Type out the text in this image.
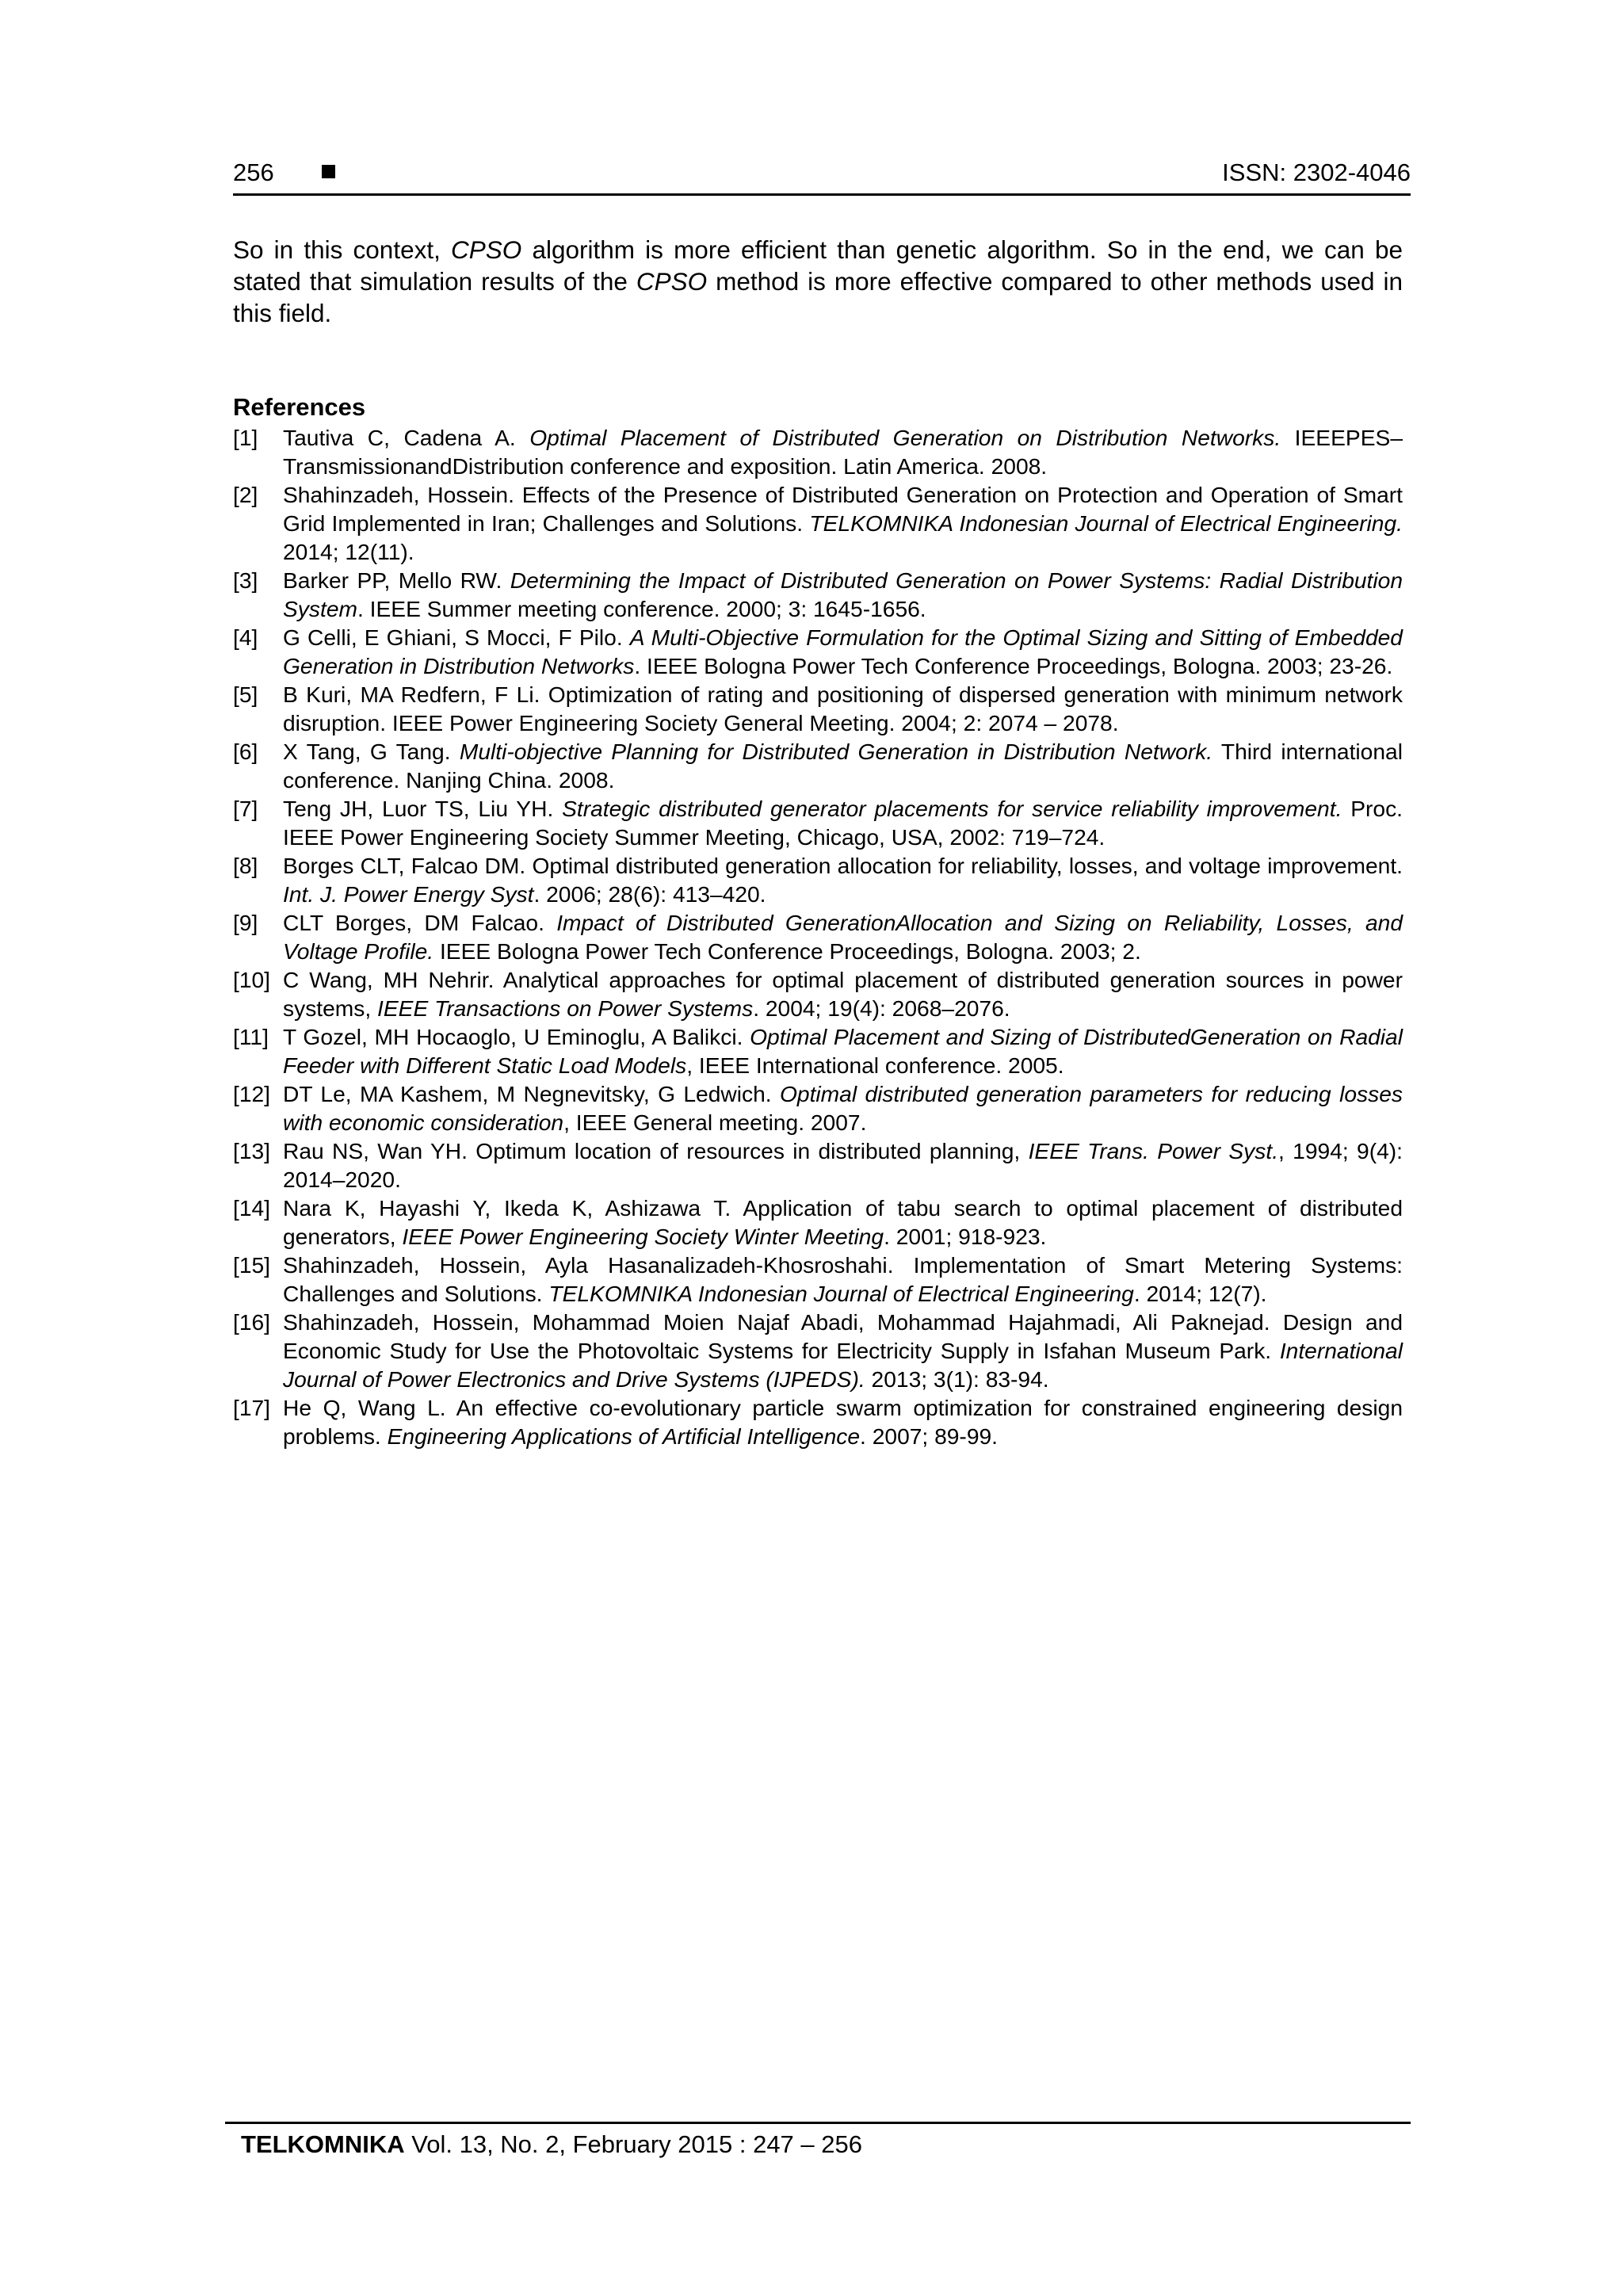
256	ISSN: 2302-4046
So in this context, CPSO algorithm is more efficient than genetic algorithm. So in the end, we can be stated that simulation results of the CPSO method is more effective compared to other methods used in this field.
References
[1] Tautiva C, Cadena A. Optimal Placement of Distributed Generation on Distribution Networks. IEEEPES–TransmissionandDistribution conference and exposition. Latin America. 2008.
[2] Shahinzadeh, Hossein. Effects of the Presence of Distributed Generation on Protection and Operation of Smart Grid Implemented in Iran; Challenges and Solutions. TELKOMNIKA Indonesian Journal of Electrical Engineering. 2014; 12(11).
[3] Barker PP, Mello RW. Determining the Impact of Distributed Generation on Power Systems: Radial Distribution System. IEEE Summer meeting conference. 2000; 3: 1645-1656.
[4] G Celli, E Ghiani, S Mocci, F Pilo. A Multi-Objective Formulation for the Optimal Sizing and Sitting of Embedded Generation in Distribution Networks. IEEE Bologna Power Tech Conference Proceedings, Bologna. 2003; 23-26.
[5] B Kuri, MA Redfern, F Li. Optimization of rating and positioning of dispersed generation with minimum network disruption. IEEE Power Engineering Society General Meeting. 2004; 2: 2074 – 2078.
[6] X Tang, G Tang. Multi-objective Planning for Distributed Generation in Distribution Network. Third international conference. Nanjing China. 2008.
[7] Teng JH, Luor TS, Liu YH. Strategic distributed generator placements for service reliability improvement. Proc. IEEE Power Engineering Society Summer Meeting, Chicago, USA, 2002: 719–724.
[8] Borges CLT, Falcao DM. Optimal distributed generation allocation for reliability, losses, and voltage improvement. Int. J. Power Energy Syst. 2006; 28(6): 413–420.
[9] CLT Borges, DM Falcao. Impact of Distributed GenerationAllocation and Sizing on Reliability, Losses, and Voltage Profile. IEEE Bologna Power Tech Conference Proceedings, Bologna. 2003; 2.
[10] C Wang, MH Nehrir. Analytical approaches for optimal placement of distributed generation sources in power systems, IEEE Transactions on Power Systems. 2004; 19(4): 2068–2076.
[11] T Gozel, MH Hocaoglo, U Eminoglu, A Balikci. Optimal Placement and Sizing of DistributedGeneration on Radial Feeder with Different Static Load Models, IEEE International conference. 2005.
[12] DT Le, MA Kashem, M Negnevitsky, G Ledwich. Optimal distributed generation parameters for reducing losses with economic consideration, IEEE General meeting. 2007.
[13] Rau NS, Wan YH. Optimum location of resources in distributed planning, IEEE Trans. Power Syst., 1994; 9(4): 2014–2020.
[14] Nara K, Hayashi Y, Ikeda K, Ashizawa T. Application of tabu search to optimal placement of distributed generators, IEEE Power Engineering Society Winter Meeting. 2001; 918-923.
[15] Shahinzadeh, Hossein, Ayla Hasanalizadeh-Khosroshahi. Implementation of Smart Metering Systems: Challenges and Solutions. TELKOMNIKA Indonesian Journal of Electrical Engineering. 2014; 12(7).
[16] Shahinzadeh, Hossein, Mohammad Moien Najaf Abadi, Mohammad Hajahmadi, Ali Paknejad. Design and Economic Study for Use the Photovoltaic Systems for Electricity Supply in Isfahan Museum Park. International Journal of Power Electronics and Drive Systems (IJPEDS). 2013; 3(1): 83-94.
[17] He Q, Wang L. An effective co-evolutionary particle swarm optimization for constrained engineering design problems. Engineering Applications of Artificial Intelligence. 2007; 89-99.
TELKOMNIKA Vol. 13, No. 2, February 2015 : 247 – 256
